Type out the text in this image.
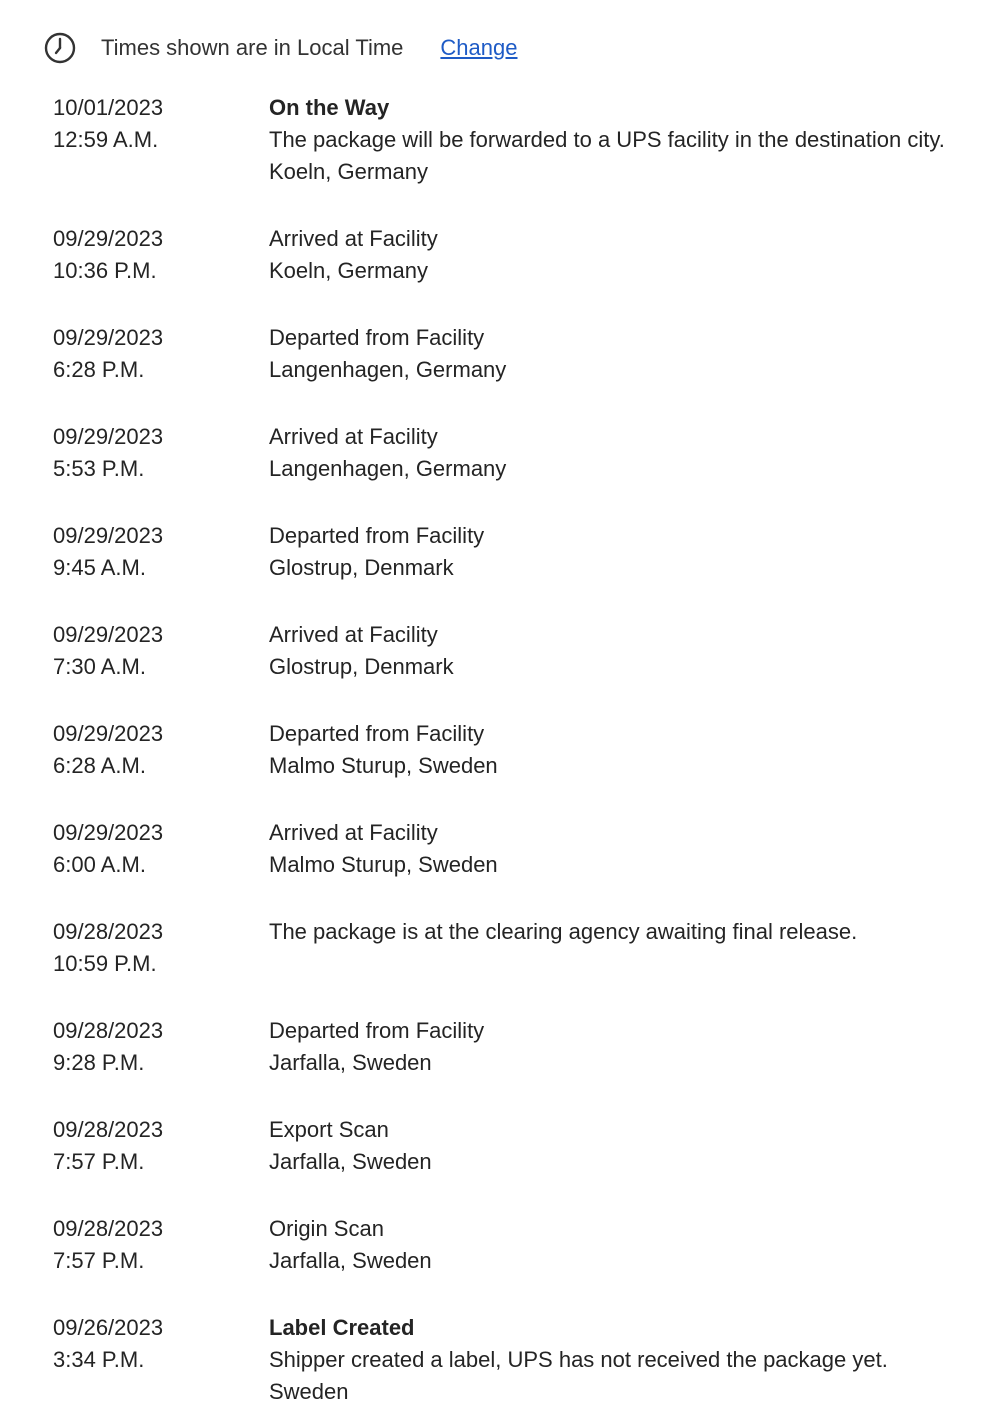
Times shown are in Local Time Change
10/01/2023
12:59 A.M.
On the Way
The package will be forwarded to a UPS facility in the destination city.
Koeln, Germany
09/29/2023
10:36 P.M.
Arrived at Facility
Koeln, Germany
09/29/2023
6:28 P.M.
Departed from Facility
Langenhagen, Germany
09/29/2023
5:53 P.M.
Arrived at Facility
Langenhagen, Germany
09/29/2023
9:45 A.M.
Departed from Facility
Glostrup, Denmark
09/29/2023
7:30 A.M.
Arrived at Facility
Glostrup, Denmark
09/29/2023
6:28 A.M.
Departed from Facility
Malmo Sturup, Sweden
09/29/2023
6:00 A.M.
Arrived at Facility
Malmo Sturup, Sweden
09/28/2023
10:59 P.M.
The package is at the clearing agency awaiting final release.
09/28/2023
9:28 P.M.
Departed from Facility
Jarfalla, Sweden
09/28/2023
7:57 P.M.
Export Scan
Jarfalla, Sweden
09/28/2023
7:57 P.M.
Origin Scan
Jarfalla, Sweden
09/26/2023
3:34 P.M.
Label Created
Shipper created a label, UPS has not received the package yet.
Sweden
